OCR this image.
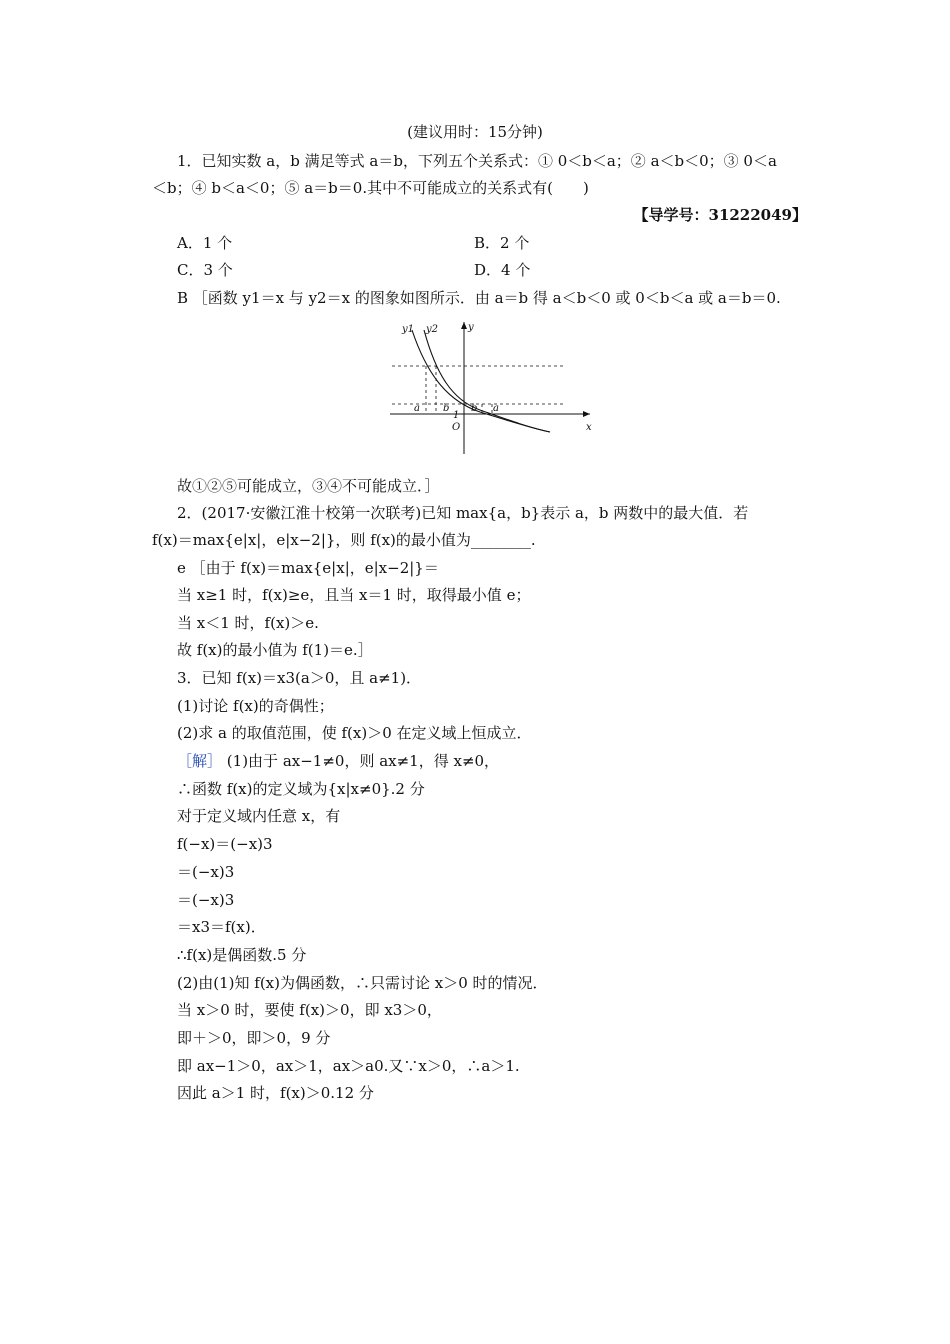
(建议用时：15分钟)
1．已知实数 a，b 满足等式 a＝b，下列五个关系式：① 0＜b＜a；② a＜b＜0；③ 0＜a
＜b；④ b＜a＜0；⑤ a＝b＝0.其中不可能成立的关系式有(　　)
【导学号：31222049】
A．1 个	B．2 个
C．3 个	D．4 个
B ［函数 y1＝x 与 y2＝x 的图象如图所示．由 a＝b 得 a＜b＜0 或 0＜b＜a 或 a＝b＝0.
y1 y2	y
x
O
1
a b b a
故①②⑤可能成立，③④不可能成立．］
2．(2017·安徽江淮十校第一次联考)已知 max{a，b}表示 a，b 两数中的最大值．若
f(x)＝max{e|x|，e|x−2|}，则 f(x)的最小值为________.
e ［由于 f(x)＝max{e|x|，e|x−2|}＝
当 x≥1 时，f(x)≥e，且当 x＝1 时，取得最小值 e；
当 x＜1 时，f(x)＞e.
故 f(x)的最小值为 f(1)＝e.］
3．已知 f(x)＝x3(a＞0，且 a≠1)．
(1)讨论 f(x)的奇偶性；
(2)求 a 的取值范围，使 f(x)＞0 在定义域上恒成立．
［解］ (1)由于 ax−1≠0，则 ax≠1，得 x≠0，
∴函数 f(x)的定义域为{x|x≠0}.2 分
对于定义域内任意 x，有
f(−x)＝(−x)3
＝(−x)3
＝(−x)3
＝x3＝f(x)．
∴f(x)是偶函数.5 分
(2)由(1)知 f(x)为偶函数，∴只需讨论 x＞0 时的情况．
当 x＞0 时，要使 f(x)＞0，即 x3＞0，
即＋＞0，即＞0，9 分
即 ax−1＞0，ax＞1，ax＞a0.又∵x＞0，∴a＞1.
因此 a＞1 时，f(x)＞0.12 分
